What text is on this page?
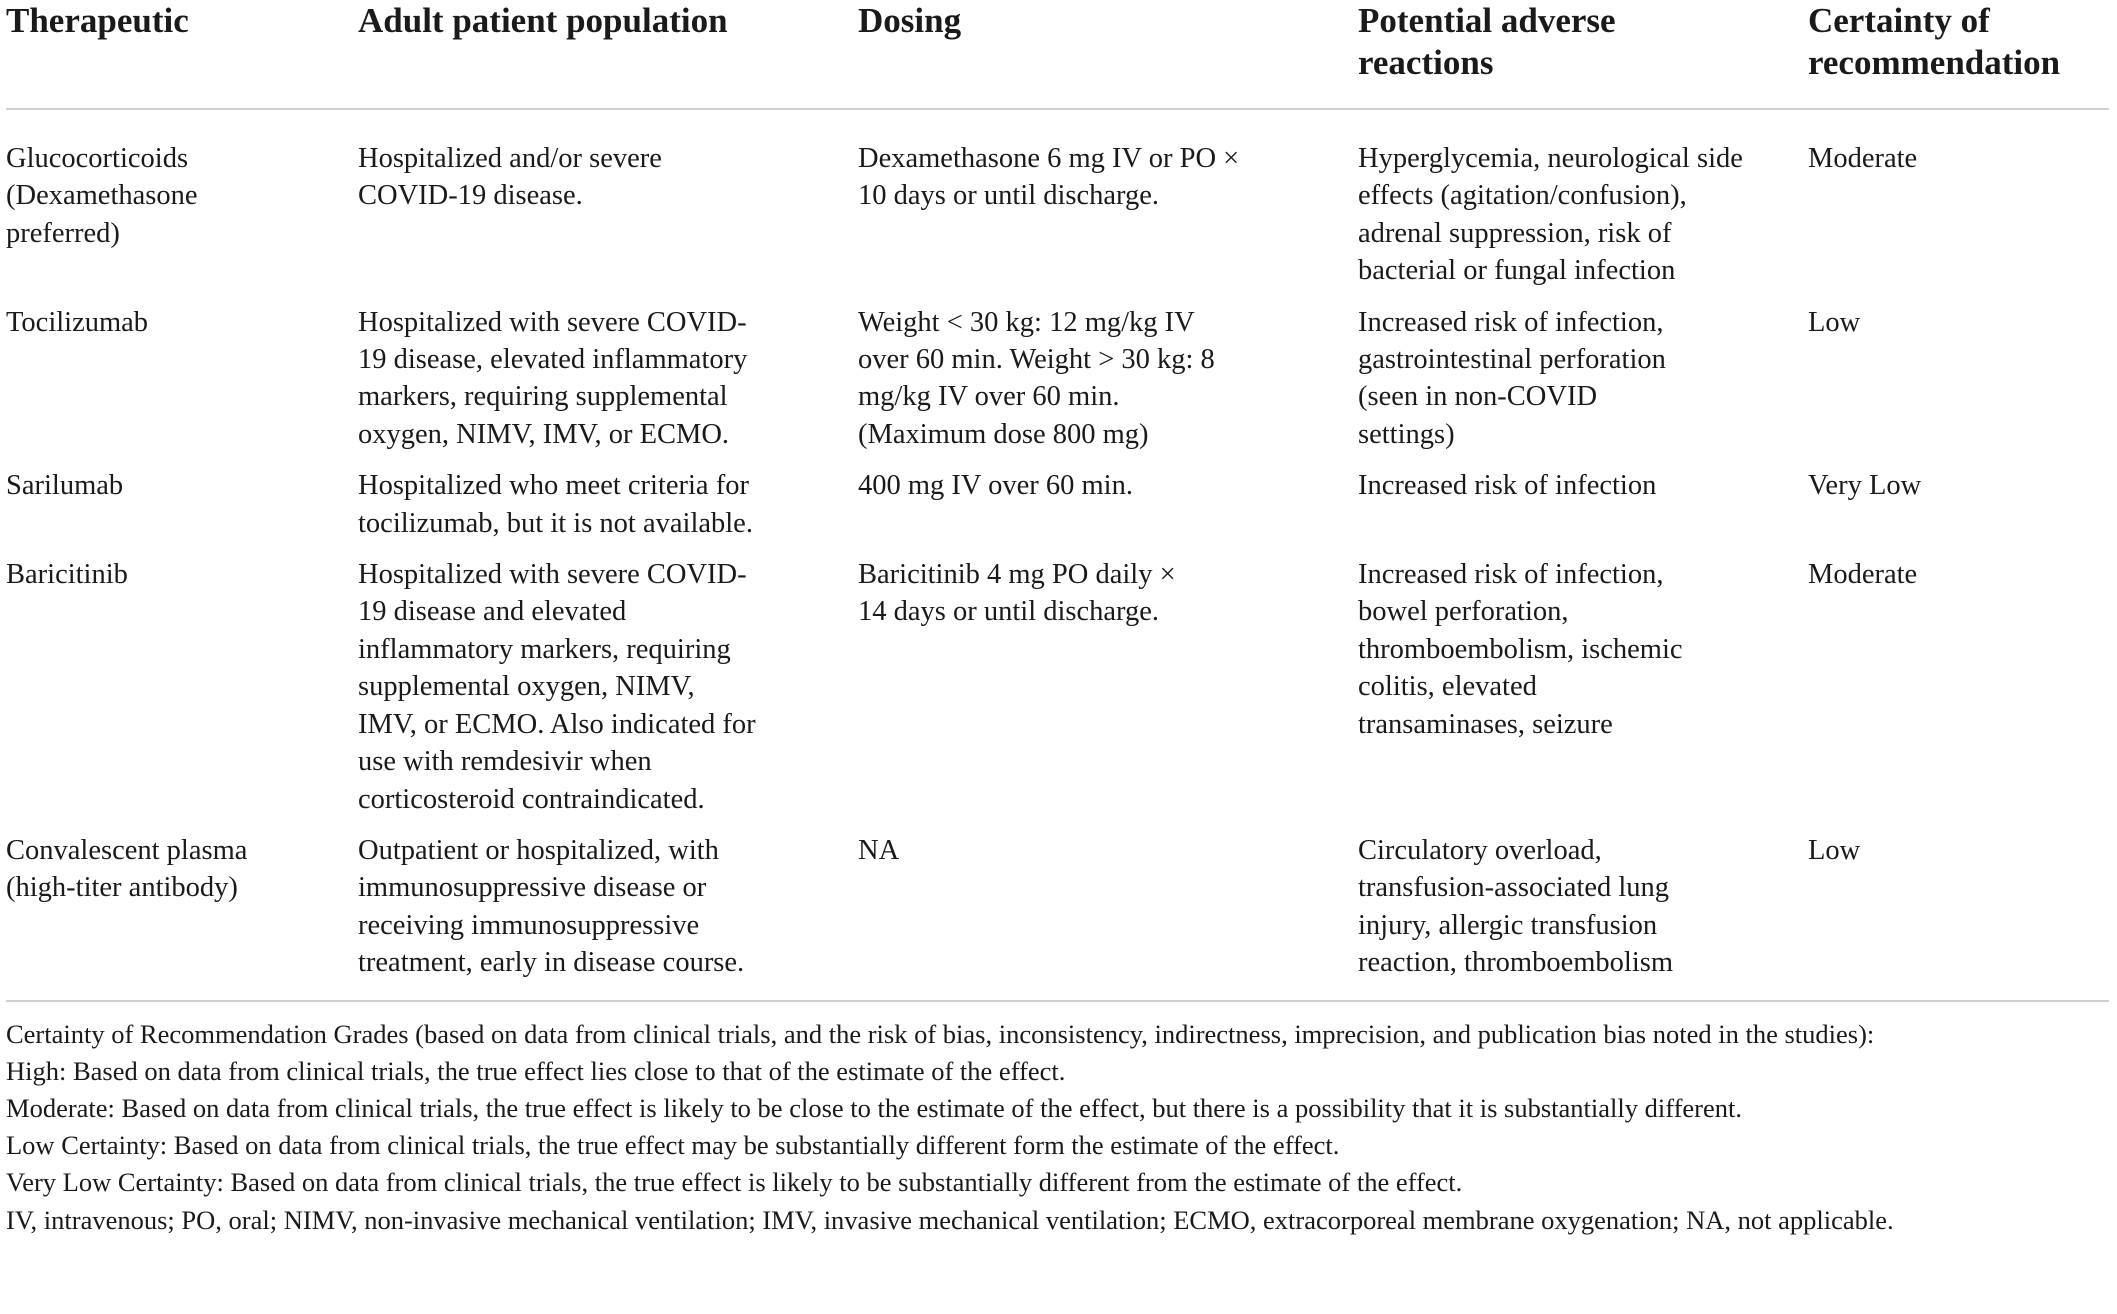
Therapeutic	Adult patient population	Dosing	Potential adverse reactions	Certainty of recommendation

Glucocorticoids (Dexamethasone preferred)	Hospitalized and/or severe COVID-19 disease.	Dexamethasone 6 mg IV or PO × 10 days or until discharge.	Hyperglycemia, neurological side effects (agitation/confusion), adrenal suppression, risk of bacterial or fungal infection	Moderate

Tocilizumab	Hospitalized with severe COVID-19 disease, elevated inflammatory markers, requiring supplemental oxygen, NIMV, IMV, or ECMO.	Weight < 30 kg: 12 mg/kg IV over 60 min. Weight > 30 kg: 8 mg/kg IV over 60 min. (Maximum dose 800 mg)	Increased risk of infection, gastrointestinal perforation (seen in non-COVID settings)	Low

Sarilumab	Hospitalized who meet criteria for tocilizumab, but it is not available.	400 mg IV over 60 min.	Increased risk of infection	Very Low

Baricitinib	Hospitalized with severe COVID-19 disease and elevated inflammatory markers, requiring supplemental oxygen, NIMV, IMV, or ECMO. Also indicated for use with remdesivir when corticosteroid contraindicated.	Baricitinib 4 mg PO daily × 14 days or until discharge.	Increased risk of infection, bowel perforation, thromboembolism, ischemic colitis, elevated transaminases, seizure	Moderate

Convalescent plasma (high-titer antibody)	Outpatient or hospitalized, with immunosuppressive disease or receiving immunosuppressive treatment, early in disease course.	NA	Circulatory overload, transfusion-associated lung injury, allergic transfusion reaction, thromboembolism	Low
Certainty of Recommendation Grades (based on data from clinical trials, and the risk of bias, inconsistency, indirectness, imprecision, and publication bias noted in the studies):
High: Based on data from clinical trials, the true effect lies close to that of the estimate of the effect.
Moderate: Based on data from clinical trials, the true effect is likely to be close to the estimate of the effect, but there is a possibility that it is substantially different.
Low Certainty: Based on data from clinical trials, the true effect may be substantially different form the estimate of the effect.
Very Low Certainty: Based on data from clinical trials, the true effect is likely to be substantially different from the estimate of the effect.
IV, intravenous; PO, oral; NIMV, non-invasive mechanical ventilation; IMV, invasive mechanical ventilation; ECMO, extracorporeal membrane oxygenation; NA, not applicable.
